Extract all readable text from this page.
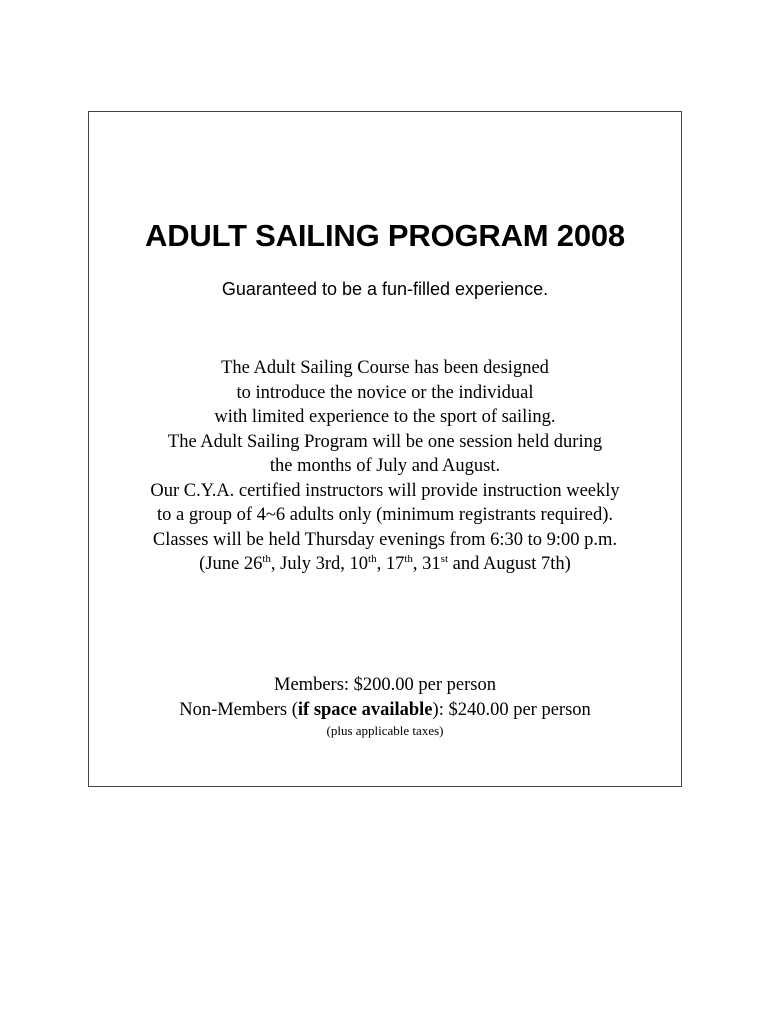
ADULT SAILING PROGRAM 2008
Guaranteed to be a fun-filled experience.
The Adult Sailing Course has been designed
to introduce the novice or the individual
with limited experience to the sport of sailing.
The Adult Sailing Program will be one session held during
the months of July and August.
Our C.Y.A. certified instructors will provide instruction weekly
to a group of 4~6 adults only (minimum registrants required).
Classes will be held Thursday evenings from 6:30 to 9:00 p.m.
(June 26th, July 3rd, 10th, 17th, 31st and August 7th)
Members: $200.00 per person
Non-Members (if space available): $240.00 per person
(plus applicable taxes)
